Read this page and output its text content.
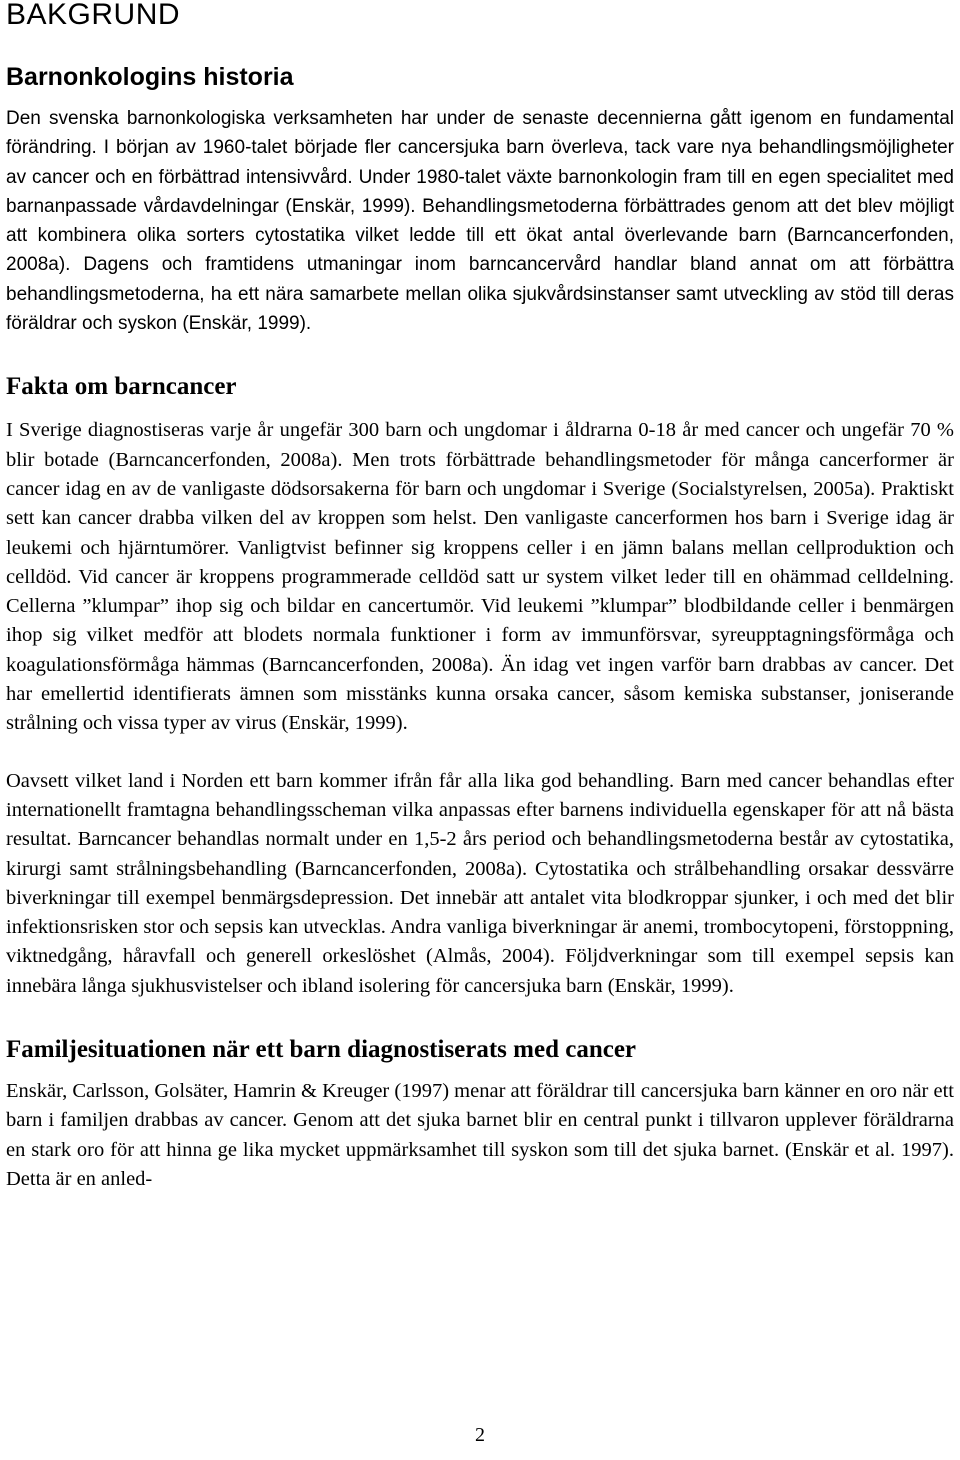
BAKGRUND
Barnonkologins historia

Den svenska barnonkologiska verksamheten har under de senaste decennierna gått igenom en fundamental förändring. I början av 1960-talet började fler cancersjuka barn överleva, tack vare nya behandlingsmöjligheter av cancer och en förbättrad intensivvård. Under 1980-talet växte barnonkologin fram till en egen specialitet med barnanpassade vårdavdelningar (Enskär, 1999). Behandlingsmetoderna förbättrades genom att det blev möjligt att kombinera olika sorters cytostatika vilket ledde till ett ökat antal överlevande barn (Barncancerfonden, 2008a). Dagens och framtidens utmaningar inom barncancervård handlar bland annat om att förbättra behandlingsmetoderna, ha ett nära samarbete mellan olika sjukvårdsinstanser samt utveckling av stöd till deras föräldrar och syskon (Enskär, 1999).

Fakta om barncancer

I Sverige diagnostiseras varje år ungefär 300 barn och ungdomar i åldrarna 0-18 år med cancer och ungefär 70 % blir botade (Barncancerfonden, 2008a). Men trots förbättrade behandlingsmetoder för många cancerformer är cancer idag en av de vanligaste dödsorsakerna för barn och ungdomar i Sverige (Socialstyrelsen, 2005a). Praktiskt sett kan cancer drabba vilken del av kroppen som helst. Den vanligaste cancerformen hos barn i Sverige idag är leukemi och hjärntumörer. Vanligtvist befinner sig kroppens celler i en jämn balans mellan cellproduktion och celldöd. Vid cancer är kroppens programmerade celldöd satt ur system vilket leder till en ohämmad celldelning. Cellerna ”klumpar” ihop sig och bildar en cancertumör. Vid leukemi ”klumpar” blodbildande celler i benmärgen ihop sig vilket medför att blodets normala funktioner i form av immunförsvar, syreupptagningsförmåga och koagulationsförmåga hämmas (Barncancerfonden, 2008a). Än idag vet ingen varför barn drabbas av cancer. Det har emellertid identifierats ämnen som misstänks kunna orsaka cancer, såsom kemiska substanser, joniserande strålning och vissa typer av virus (Enskär, 1999).

Oavsett vilket land i Norden ett barn kommer ifrån får alla lika god behandling. Barn med cancer behandlas efter internationellt framtagna behandlingsscheman vilka anpassas efter barnens individuella egenskaper för att nå bästa resultat. Barncancer behandlas normalt under en 1,5-2 års period och behandlingsmetoderna består av cytostatika, kirurgi samt strålningsbehandling (Barncancerfonden, 2008a). Cytostatika och strålbehandling orsakar dessvärre biverkningar till exempel benmärgsdepression. Det innebär att antalet vita blodkroppar sjunker, i och med det blir infektionsrisken stor och sepsis kan utvecklas. Andra vanliga biverkningar är anemi, trombocytopeni, förstoppning, viktnedgång, håravfall och generell orkeslöshet (Almås, 2004). Följdverkningar som till exempel sepsis kan innebära långa sjukhusvistelser och ibland isolering för cancersjuka barn (Enskär, 1999).

Familjesituationen när ett barn diagnostiserats med cancer

Enskär, Carlsson, Golsäter, Hamrin & Kreuger (1997) menar att föräldrar till cancersjuka barn känner en oro när ett barn i familjen drabbas av cancer. Genom att det sjuka barnet blir en central punkt i tillvaron upplever föräldrarna en stark oro för att hinna ge lika mycket uppmärksamhet till syskon som till det sjuka barnet. (Enskär et al. 1997). Detta är en anled-

2
